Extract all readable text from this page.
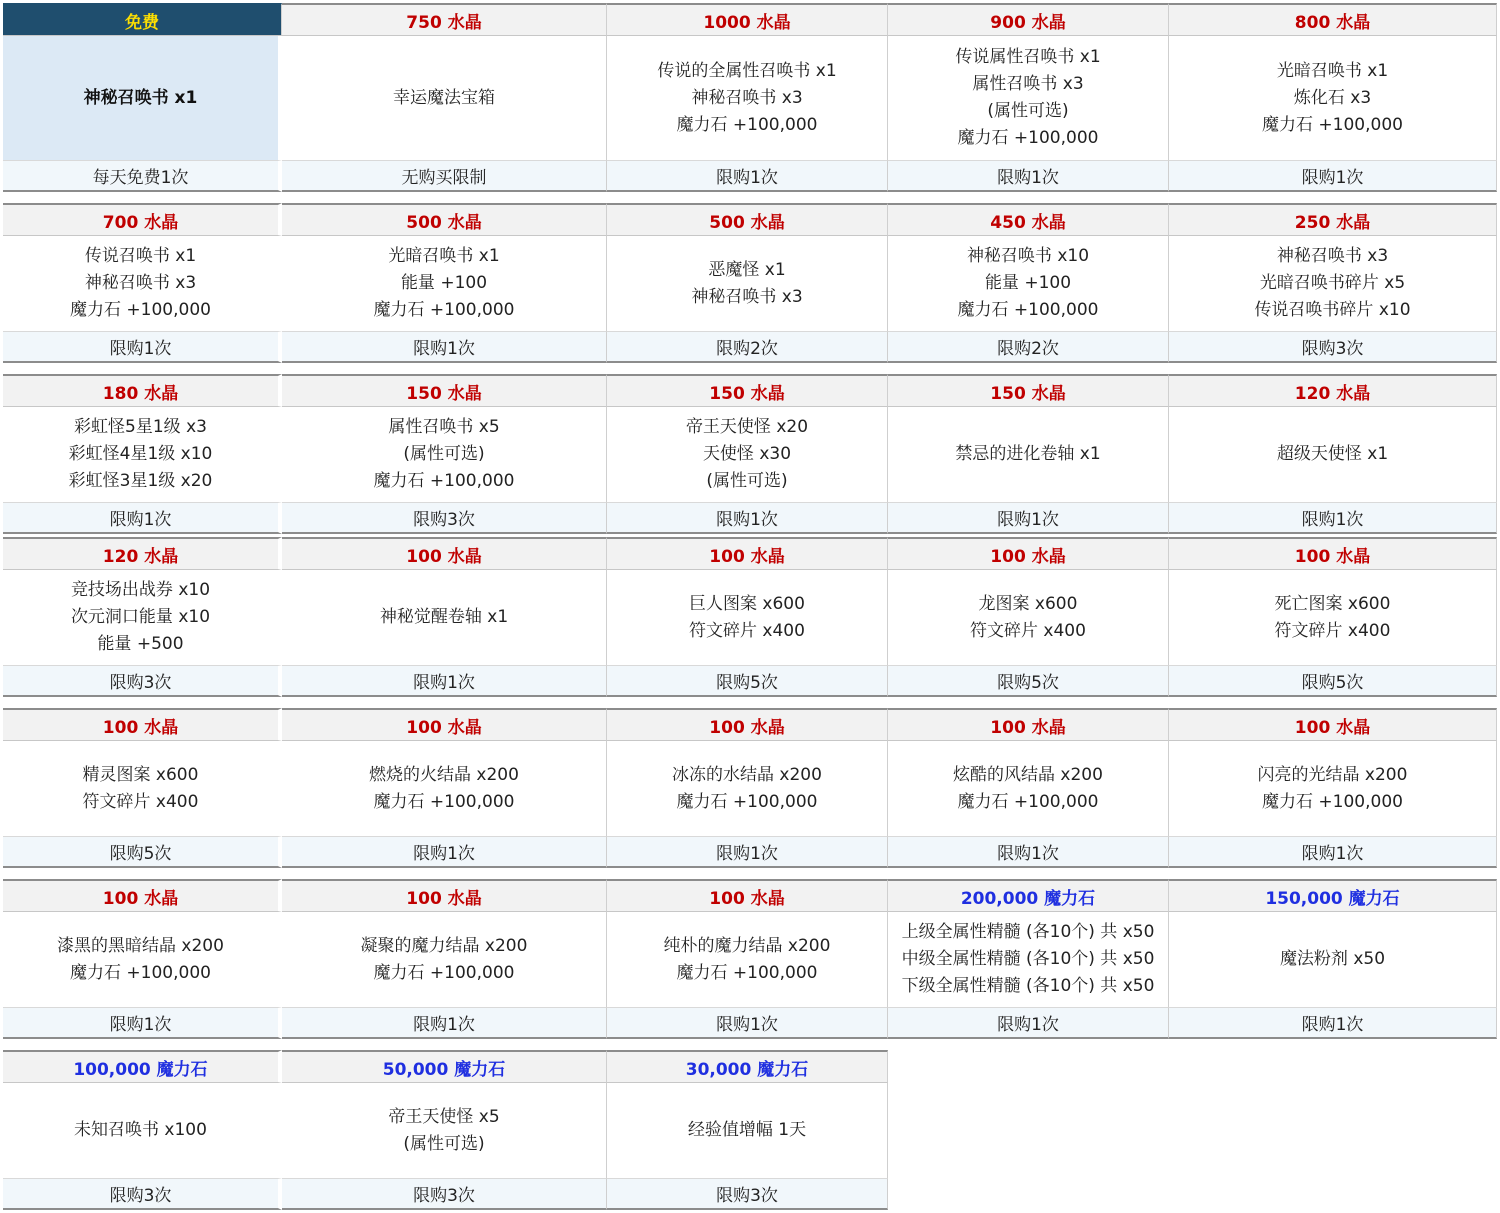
免费
神秘召唤书 x1
每天免费1次
750 水晶
幸运魔法宝箱
无购买限制
1000 水晶
传说的全属性召唤书 x1
神秘召唤书 x3
魔力石 +100,000
限购1次
900 水晶
传说属性召唤书 x1
属性召唤书 x3
(属性可选)
魔力石 +100,000
限购1次
800 水晶
光暗召唤书 x1
炼化石 x3
魔力石 +100,000
限购1次
700 水晶
传说召唤书 x1
神秘召唤书 x3
魔力石 +100,000
限购1次
500 水晶
光暗召唤书 x1
能量 +100
魔力石 +100,000
限购1次
500 水晶
恶魔怪 x1
神秘召唤书 x3
限购2次
450 水晶
神秘召唤书 x10
能量 +100
魔力石 +100,000
限购2次
250 水晶
神秘召唤书 x3
光暗召唤书碎片 x5
传说召唤书碎片 x10
限购3次
180 水晶
彩虹怪5星1级 x3
彩虹怪4星1级 x10
彩虹怪3星1级 x20
限购1次
150 水晶
属性召唤书 x5
(属性可选)
魔力石 +100,000
限购3次
150 水晶
帝王天使怪 x20
天使怪 x30
(属性可选)
限购1次
150 水晶
禁忌的进化卷轴 x1
限购1次
120 水晶
超级天使怪 x1
限购1次
120 水晶
竞技场出战券 x10
次元洞口能量 x10
能量 +500
限购3次
100 水晶
神秘觉醒卷轴 x1
限购1次
100 水晶
巨人图案 x600
符文碎片 x400
限购5次
100 水晶
龙图案 x600
符文碎片 x400
限购5次
100 水晶
死亡图案 x600
符文碎片 x400
限购5次
100 水晶
精灵图案 x600
符文碎片 x400
限购5次
100 水晶
燃烧的火结晶 x200
魔力石 +100,000
限购1次
100 水晶
冰冻的水结晶 x200
魔力石 +100,000
限购1次
100 水晶
炫酷的风结晶 x200
魔力石 +100,000
限购1次
100 水晶
闪亮的光结晶 x200
魔力石 +100,000
限购1次
100 水晶
漆黑的黑暗结晶 x200
魔力石 +100,000
限购1次
100 水晶
凝聚的魔力结晶 x200
魔力石 +100,000
限购1次
100 水晶
纯朴的魔力结晶 x200
魔力石 +100,000
限购1次
200,000 魔力石
上级全属性精髓 (各10个) 共 x50
中级全属性精髓 (各10个) 共 x50
下级全属性精髓 (各10个) 共 x50
限购1次
150,000 魔力石
魔法粉剂 x50
限购1次
100,000 魔力石
未知召唤书 x100
限购3次
50,000 魔力石
帝王天使怪 x5
(属性可选)
限购3次
30,000 魔力石
经验值增幅 1天
限购3次
